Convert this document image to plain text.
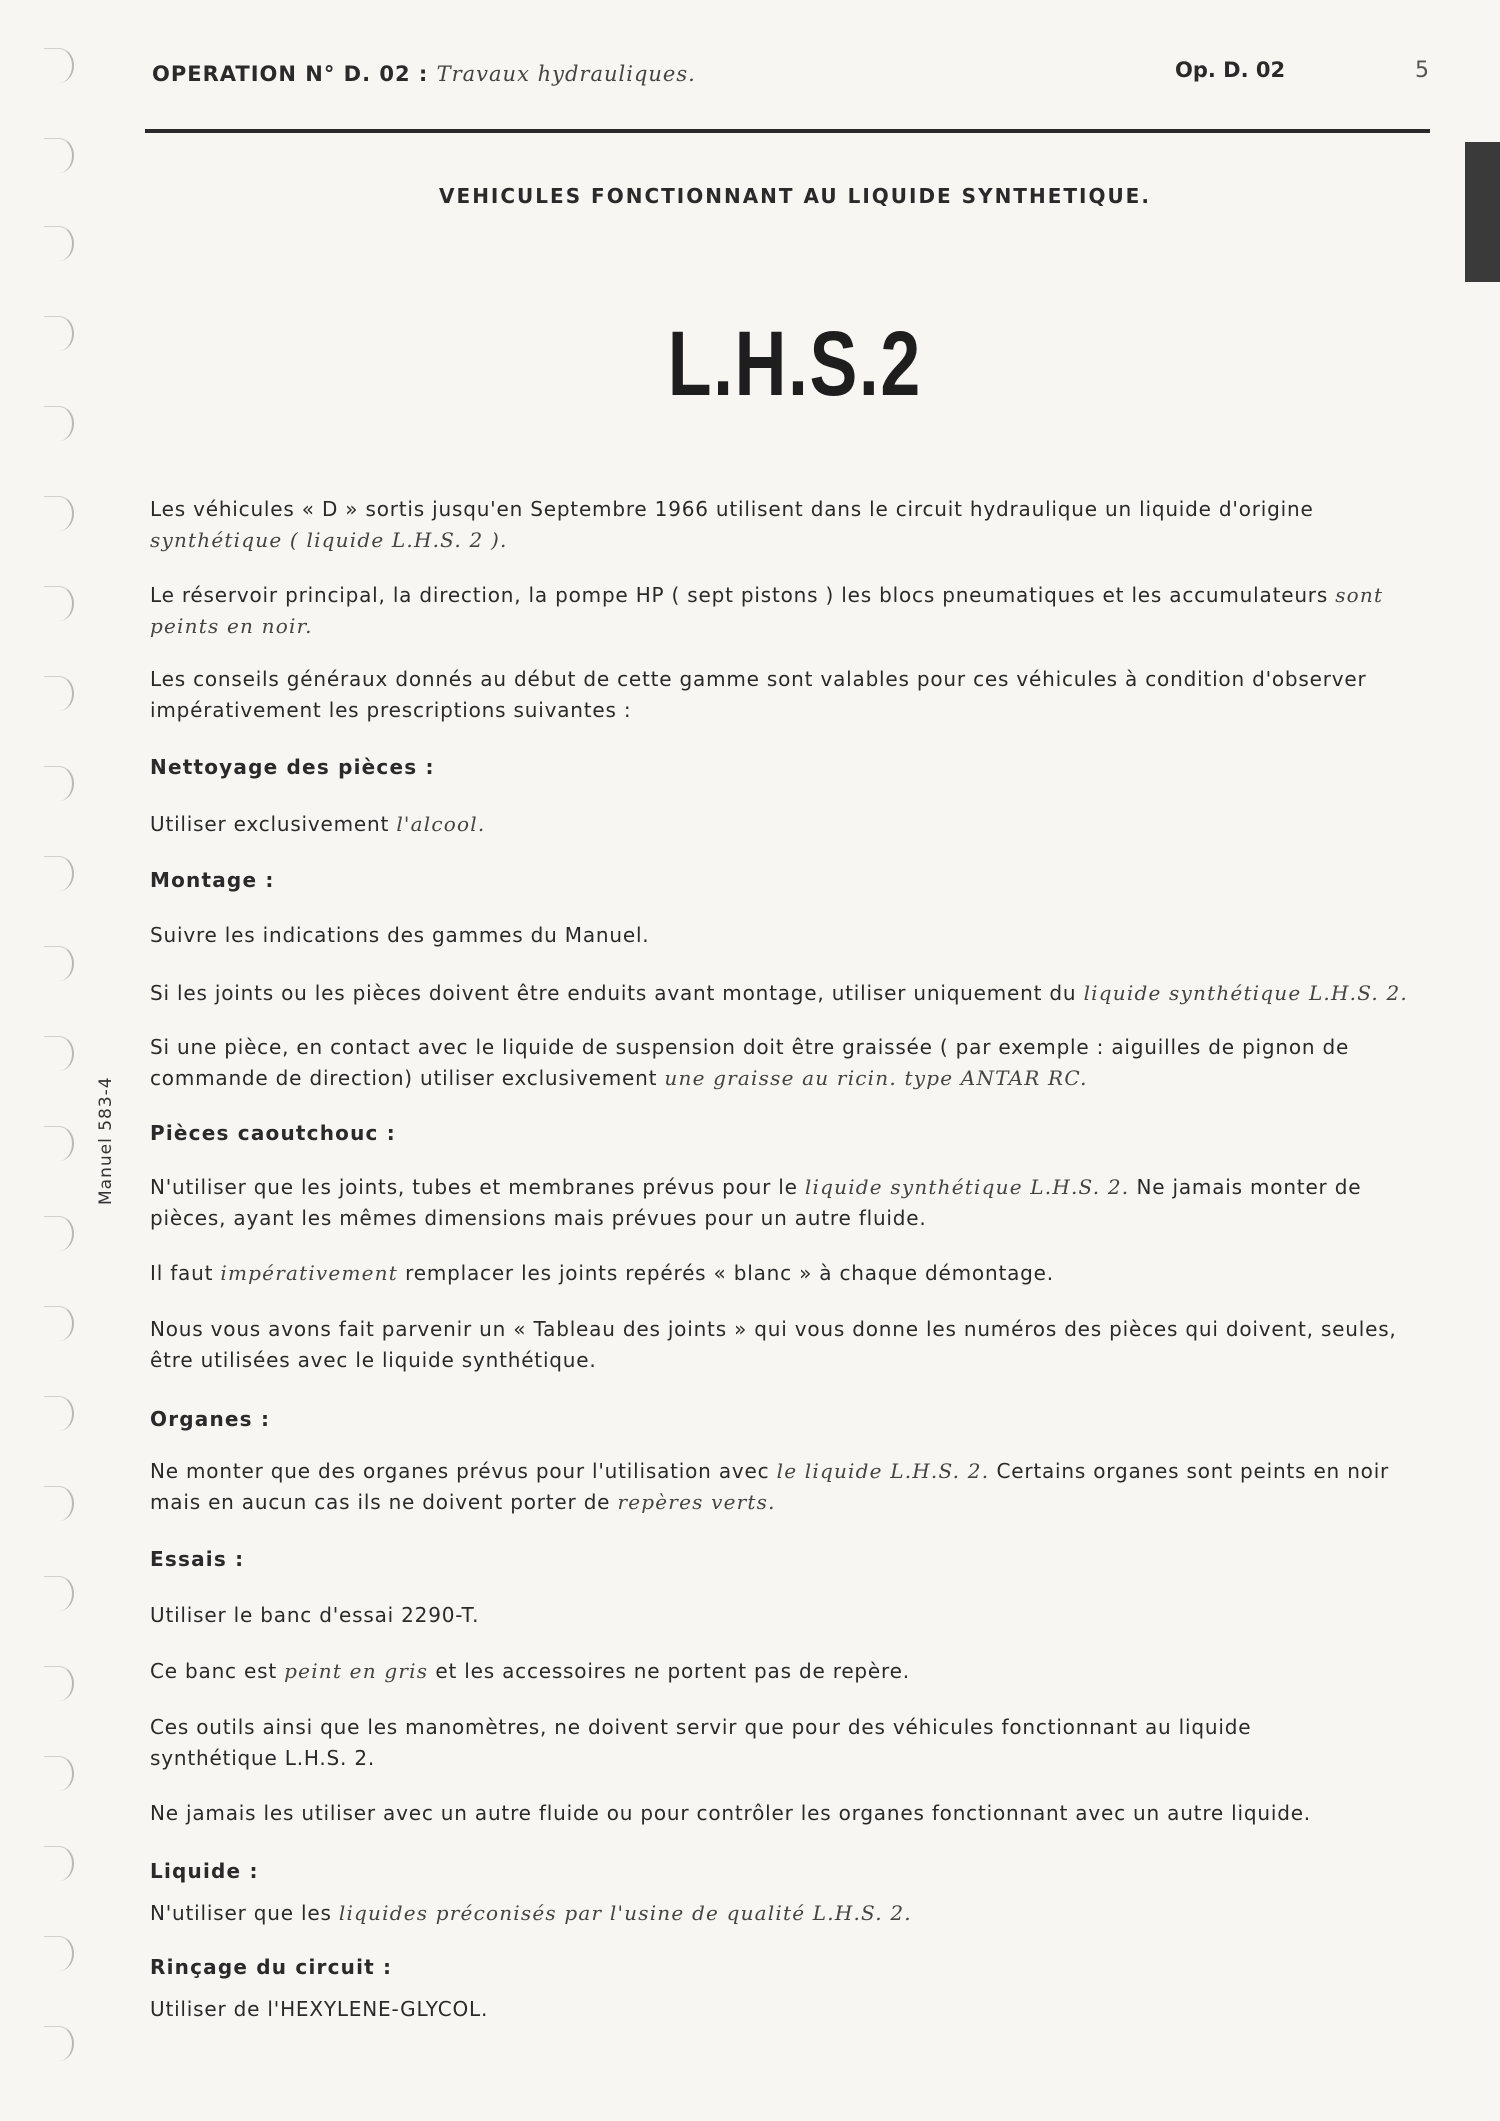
OPERATION N° D. 02 : Travaux hydrauliques.	Op. D. 02	5
VEHICULES FONCTIONNANT AU LIQUIDE SYNTHETIQUE.
L.H.S.2
Manuel 583-4

Les véhicules « D » sortis jusqu'en Septembre 1966 utilisent dans le circuit hydraulique un liquide d'origine

synthétique ( liquide L.H.S. 2 ).

Le réservoir principal, la direction, la pompe HP ( sept pistons ) les blocs pneumatiques et les accumulateurs sont

peints en noir.

Les conseils généraux donnés au début de cette gamme sont valables pour ces véhicules à condition d'observer

impérativement les prescriptions suivantes :

Nettoyage des pièces :
Utiliser exclusivement l'alcool.
Montage :
Suivre les indications des gammes du Manuel.
Si les joints ou les pièces doivent être enduits avant montage, utiliser uniquement du liquide synthétique L.H.S. 2.

Si une pièce, en contact avec le liquide de suspension doit être graissée ( par exemple : aiguilles de pignon de

commande de direction) utiliser exclusivement une graisse au ricin. type ANTAR RC.

Pièces caoutchouc :

N'utiliser que les joints, tubes et membranes prévus pour le liquide synthétique L.H.S. 2. Ne jamais monter de

pièces, ayant les mêmes dimensions mais prévues pour un autre fluide.

Il faut impérativement remplacer les joints repérés « blanc » à chaque démontage.

Nous vous avons fait parvenir un « Tableau des joints » qui vous donne les numéros des pièces qui doivent, seules,

être utilisées avec le liquide synthétique.

Organes :

Ne monter que des organes prévus pour l'utilisation avec le liquide L.H.S. 2. Certains organes sont peints en noir

mais en aucun cas ils ne doivent porter de repères verts.

Essais :
Utiliser le banc d'essai 2290-T.
Ce banc est peint en gris et les accessoires ne portent pas de repère.

Ces outils ainsi que les manomètres, ne doivent servir que pour des véhicules fonctionnant au liquide

synthétique L.H.S. 2.

Ne jamais les utiliser avec un autre fluide ou pour contrôler les organes fonctionnant avec un autre liquide.
Liquide :
N'utiliser que les liquides préconisés par l'usine de qualité L.H.S. 2.
Rinçage du circuit :
Utiliser de l'HEXYLENE-GLYCOL.
